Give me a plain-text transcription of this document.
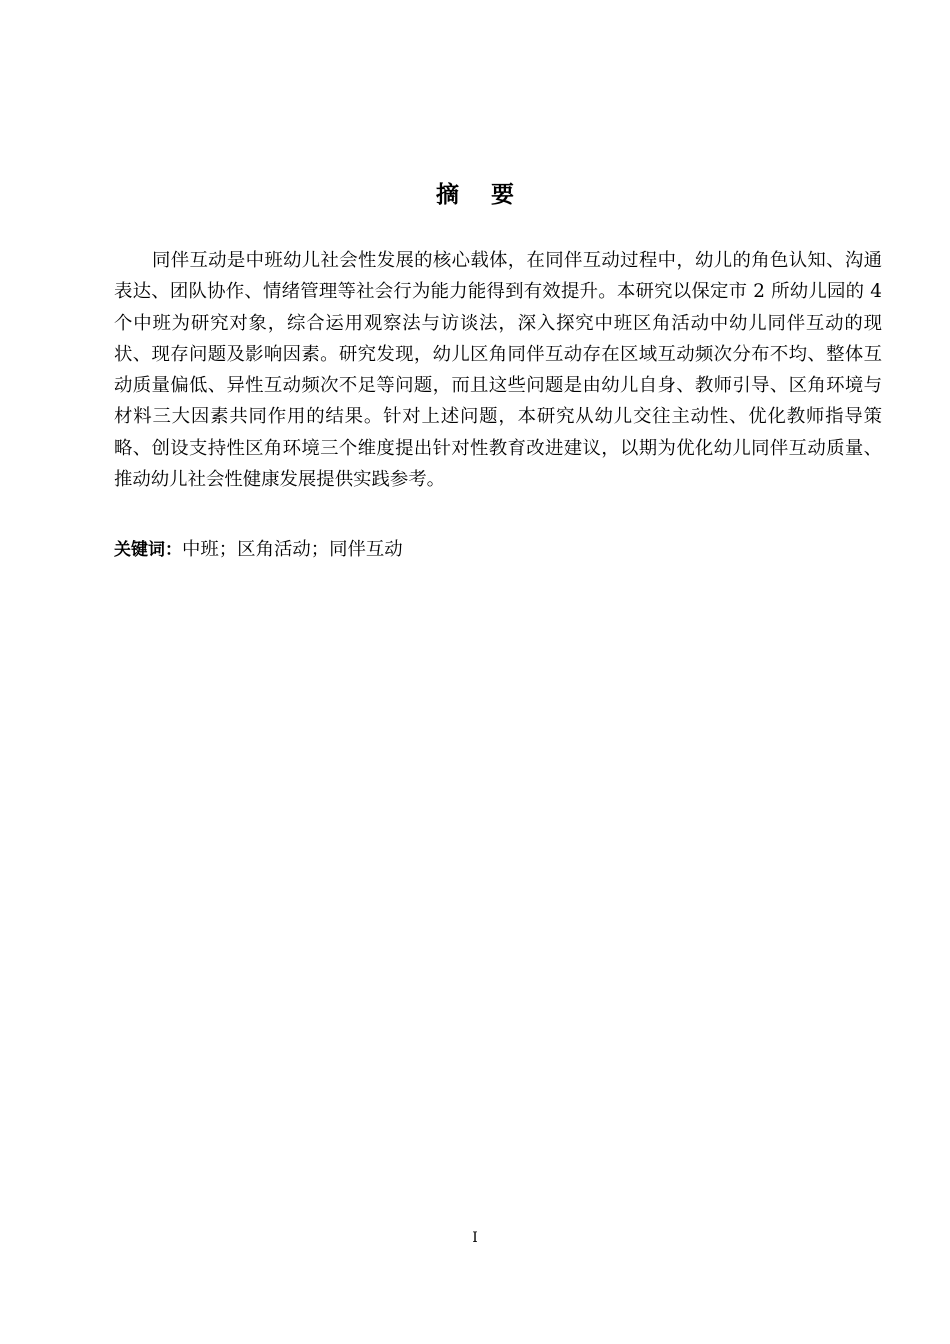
摘要

同伴互动是中班幼儿社会性发展的核心载体，在同伴互动过程中，幼儿的角色认知、沟通表达、团队协作、情绪管理等社会行为能力能得到有效提升。本研究以保定市 2 所幼儿园的 4 个中班为研究对象，综合运用观察法与访谈法，深入探究中班区角活动中幼儿同伴互动的现状、现存问题及影响因素。研究发现，幼儿区角同伴互动存在区域互动频次分布不均、整体互动质量偏低、异性互动频次不足等问题，而且这些问题是由幼儿自身、教师引导、区角环境与材料三大因素共同作用的结果。针对上述问题，本研究从幼儿交往主动性、优化教师指导策略、创设支持性区角环境三个维度提出针对性教育改进建议，以期为优化幼儿同伴互动质量、推动幼儿社会性健康发展提供实践参考。

关键词：中班；区角活动；同伴互动

I
